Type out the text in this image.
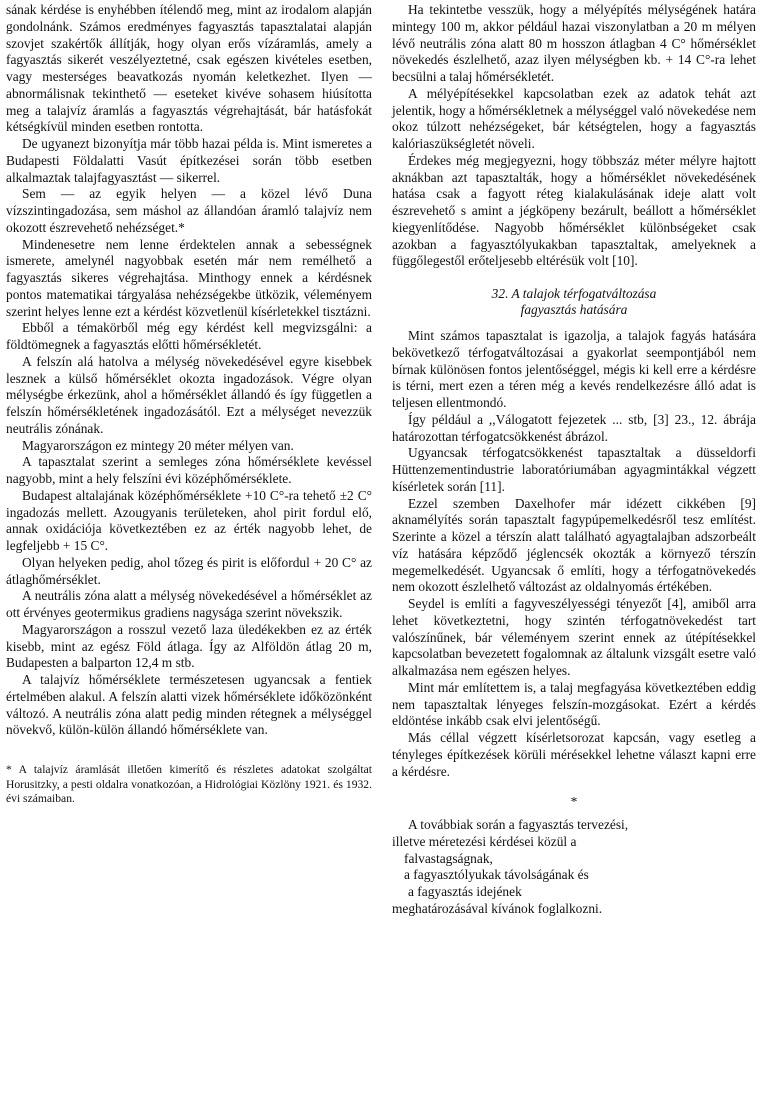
sának kérdése is enyhébben ítélendő meg, mint az irodalom alapján gondolnánk. Számos eredményes fagyasztás tapasztalatai alapján szovjet szakértők állítják, hogy olyan erős vízáramlás, amely a fagyasztás sikerét veszélyeztetné, csak egészen kivételes esetben, vagy mesterséges beavatkozás nyomán keletkezhet. Ilyen — abnormálisnak tekinthető — eseteket kivéve sohasem hiúsította meg a talajvíz áramlás a fagyasztás végrehajtását, bár hatásfokát kétségkívül minden esetben rontotta.

De ugyanezt bizonyítja már több hazai példa is. Mint ismeretes a Budapesti Földalatti Vasút építkezései során több esetben alkalmaztak talajfagyasztást — sikerrel.

Sem — az egyik helyen — a közel lévő Duna vízszintingadozása, sem máshol az állandóan áramló talajvíz nem okozott észrevehető nehézséget.*

Mindenesetre nem lenne érdektelen annak a sebességnek ismerete, amelynél nagyobbak esetén már nem remélhető a fagyasztás sikeres végrehajtása. Minthogy ennek a kérdésnek pontos matematikai tárgyalása nehézségekbe ütközik, véleményem szerint helyes lenne ezt a kérdést közvetlenül kísérletekkel tisztázni.

Ebből a témakörből még egy kérdést kell megvizsgálni: a földtömegnek a fagyasztás előtti hőmérsékletét.

A felszín alá hatolva a mélység növekedésével egyre kisebbek lesznek a külső hőmérséklet okozta ingadozások. Végre olyan mélységbe érkezünk, ahol a hőmérséklet állandó és így független a felszín hőmérsékletének ingadozásától. Ezt a mélységet nevezzük neutrális zónának.

Magyarországon ez mintegy 20 méter mélyen van.

A tapasztalat szerint a semleges zóna hőmérséklete kevéssel nagyobb, mint a hely felszíni évi középhőmérséklete.

Budapest altalajának középhőmérséklete +10 C°-ra tehető ±2 C° ingadozás mellett. Azougyanis területeken, ahol pirit fordul elő, annak oxidációja következtében ez az érték nagyobb lehet, de legfeljebb + 15 C°.

Olyan helyeken pedig, ahol tőzeg és pirit is előfordul + 20 C° az átlaghőmérséklet.

A neutrális zóna alatt a mélység növekedésével a hőmérséklet az ott érvényes geotermikus gradiens nagysága szerint növekszik.

Magyarországon a rosszul vezető laza üledékekben ez az érték kisebb, mint az egész Föld átlaga. Így az Alföldön átlag 20 m, Budapesten a balparton 12,4 m stb.

A talajvíz hőmérséklete természetesen ugyancsak a fentiek értelmében alakul. A felszín alatti vizek hőmérséklete időközönként változó. A neutrális zóna alatt pedig minden rétegnek a mélységgel növekvő, külön-külön állandó hőmérséklete van.

* A talajvíz áramlását illetően kimerítő és részletes adatokat szolgáltat Horusitzky, a pesti oldalra vonatkozóan, a Hidrológiai Közlöny 1921. és 1932. évi számaiban.

Ha tekintetbe vesszük, hogy a mélyépítés mélységének határa mintegy 100 m, akkor például hazai viszonylatban a 20 m mélyen lévő neutrális zóna alatt 80 m hosszon átlagban 4 C° hőmérséklet növekedés észlelhető, azaz ilyen mélységben kb. + 14 C°-ra lehet becsülni a talaj hőmérsékletét.

A mélyépítésekkel kapcsolatban ezek az adatok tehát azt jelentik, hogy a hőmérsékletnek a mélységgel való növekedése nem okoz túlzott nehézségeket, bár kétségtelen, hogy a fagyasztás kalóriaszükségletét növeli.

Érdekes még megjegyezni, hogy többszáz méter mélyre hajtott aknákban azt tapasztalták, hogy a hőmérséklet növekedésének hatása csak a fagyott réteg kialakulásának ideje alatt volt észrevehető s amint a jégköpeny bezárult, beállott a hőmérséklet kiegyenlítődése. Nagyobb hőmérséklet különbségeket csak azokban a fagyasztólyukakban tapasztaltak, amelyeknek a függőlegestől erőteljesebb eltérésük volt [10].

32. A talajok térfogatváltozása
fagyasztás hatására

Mint számos tapasztalat is igazolja, a talajok fagyás hatására bekövetkező térfogatváltozásai a gyakorlat seempontjából nem bírnak különösen fontos jelentőséggel, mégis ki kell erre a kérdésre is térni, mert ezen a téren még a kevés rendelkezésre álló adat is teljesen ellentmondó.

Így például a ,,Válogatott fejezetek ... stb, [3] 23., 12. ábrája határozottan térfogatcsökkenést ábrázol.

Ugyancsak térfogatcsökkenést tapasztaltak a düsseldorfi Hüttenzementindustrie laboratóriumában agyagmintákkal végzett kísérletek során [11].

Ezzel szemben Daxelhofer már idézett cikkében [9] aknamélyítés során tapasztalt fagypúpemelkedésről tesz említést. Szerinte a közel a térszín alatt található agyagtalajban adszorbeált víz hatására képződő jéglencsék okozták a környező térszín megemelkedését. Ugyancsak ő említi, hogy a térfogatnövekedés nem okozott észlelhető változást az oldalnyomás értékében.

Seydel is említi a fagyveszélyességi tényezőt [4], amiből arra lehet következtetni, hogy szintén térfogatnövekedést tart valószínűnek, bár véleményem szerint ennek az útépítésekkel kapcsolatban bevezetett fogalomnak az általunk vizsgált esetre való alkalmazása nem egészen helyes.

Mint már említettem is, a talaj megfagyása következtében eddig nem tapasztaltak lényeges felszín-mozgásokat. Ezért a kérdés eldöntése inkább csak elvi jelentőségű.

Más céllal végzett kísérletsorozat kapcsán, vagy esetleg a tényleges építkezések körüli mérésekkel lehetne választ kapni erre a kérdésre.

*
A továbbiak során a fagyasztás tervezési,
illetve méretezési kérdései közül a
falvastagságnak,
a fagyasztólyukak távolságának és
a fagyasztás idejének
meghatározásával kívánok foglalkozni.
